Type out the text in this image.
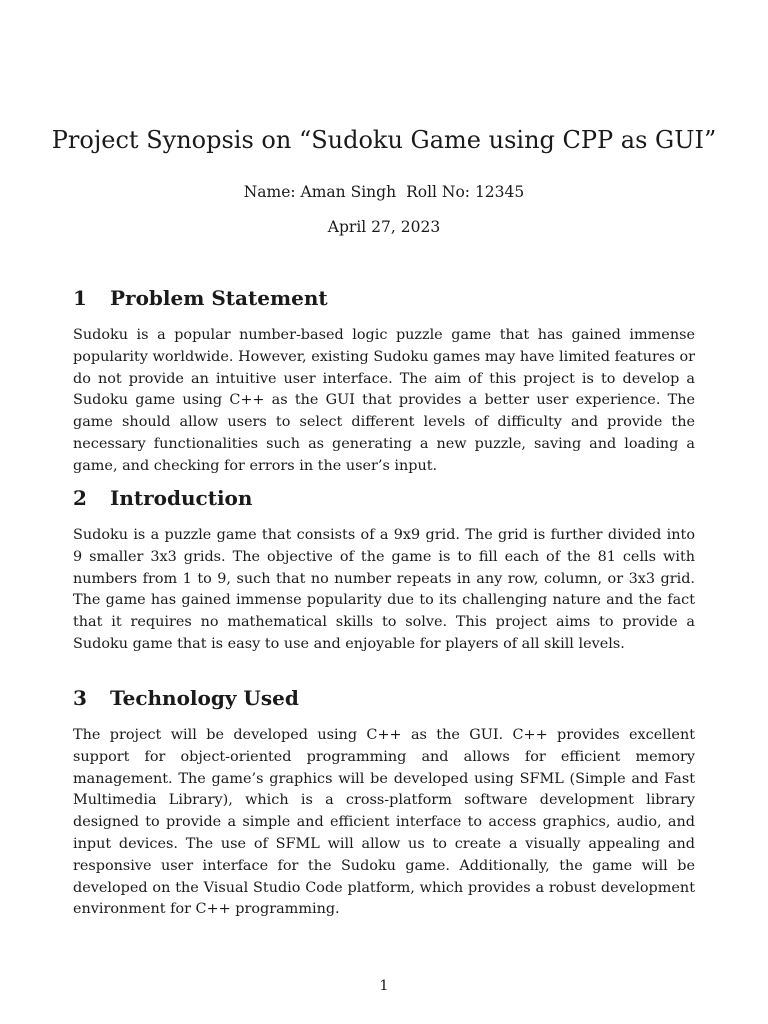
Project Synopsis on “Sudoku Game using CPP as GUI”
Name: Aman Singh Roll No: 12345
April 27, 2023
1 Problem Statement

Sudoku is a popular number-based logic puzzle game that has gained immense popularity worldwide. However, existing Sudoku games may have limited features or do not provide an intuitive user interface. The aim of this project is to develop a Sudoku game using C++ as the GUI that provides a better user experience. The game should allow users to select different levels of difficulty and provide the necessary functionalities such as generating a new puzzle, saving and loading a game, and checking for errors in the user’s input.

2 Introduction

Sudoku is a puzzle game that consists of a 9x9 grid. The grid is further divided into 9 smaller 3x3 grids. The objective of the game is to fill each of the 81 cells with numbers from 1 to 9, such that no number repeats in any row, column, or 3x3 grid. The game has gained immense popularity due to its challenging nature and the fact that it requires no mathematical skills to solve. This project aims to provide a Sudoku game that is easy to use and enjoyable for players of all skill levels.

3 Technology Used

The project will be developed using C++ as the GUI. C++ provides excellent support for object-oriented programming and allows for efficient memory management. The game’s graphics will be developed using SFML (Simple and Fast Multimedia Library), which is a cross-platform software development library designed to provide a simple and efficient interface to access graphics, audio, and input devices. The use of SFML will allow us to create a visually appealing and responsive user interface for the Sudoku game. Additionally, the game will be developed on the Visual Studio Code platform, which provides a robust development environment for C++ programming.

1
